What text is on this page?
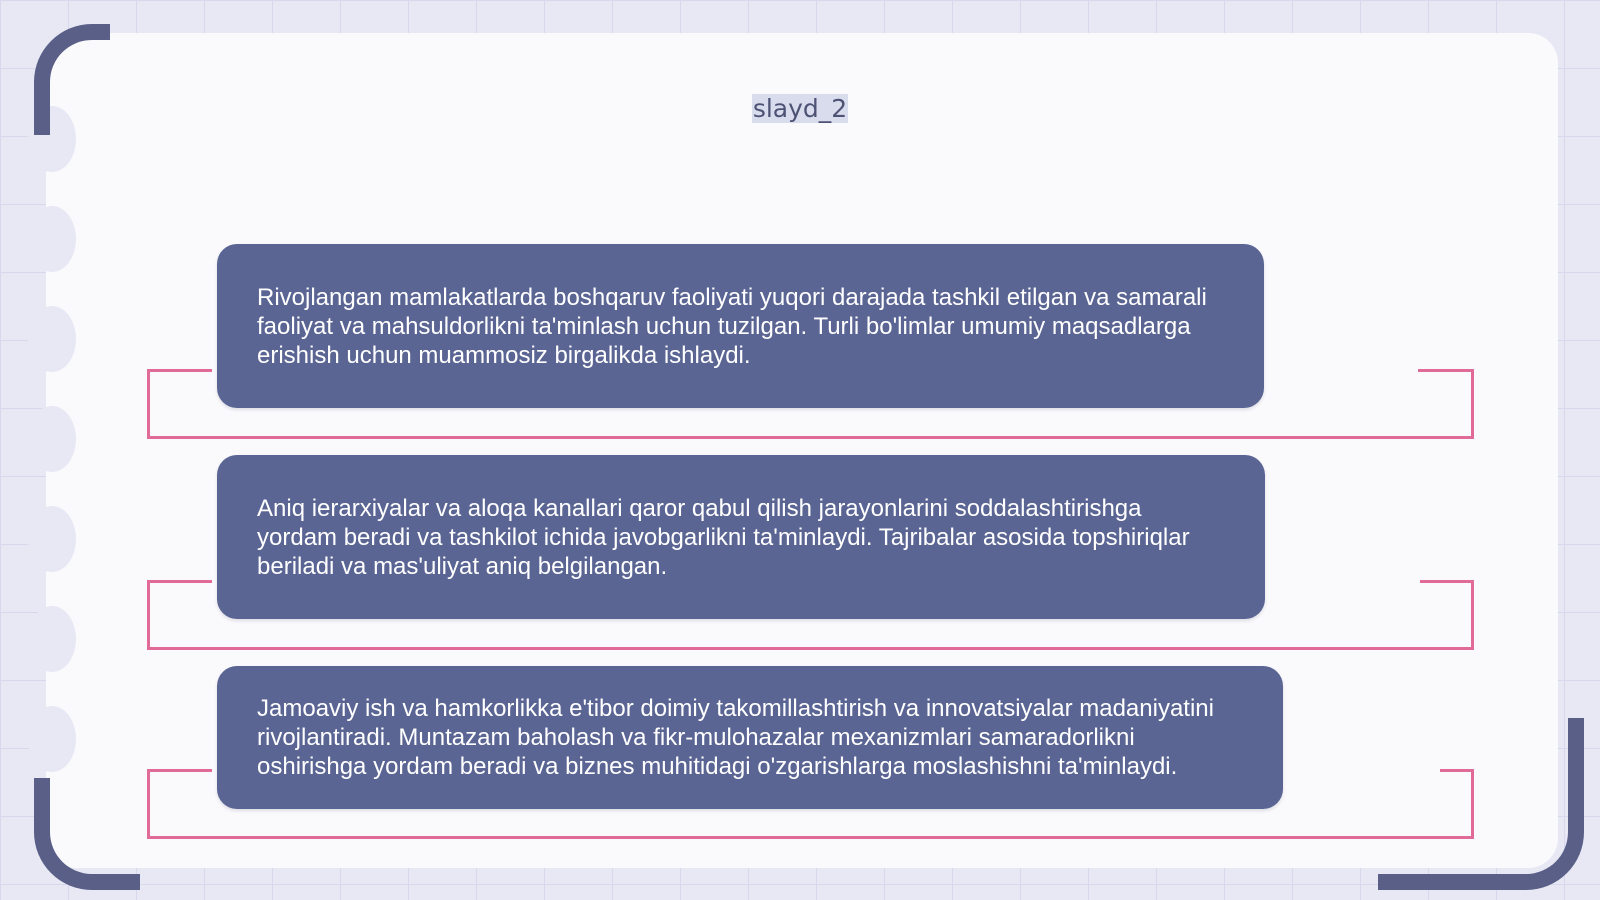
slayd_2
Rivojlangan mamlakatlarda boshqaruv faoliyati yuqori darajada tashkil etilgan va samarali faoliyat va mahsuldorlikni ta'minlash uchun tuzilgan. Turli bo'limlar umumiy maqsadlarga erishish uchun muammosiz birgalikda ishlaydi.
Aniq ierarxiyalar va aloqa kanallari qaror qabul qilish jarayonlarini soddalashtirishga yordam beradi va tashkilot ichida javobgarlikni ta'minlaydi. Tajribalar asosida topshiriqlar beriladi va mas'uliyat aniq belgilangan.
Jamoaviy ish va hamkorlikka e'tibor doimiy takomillashtirish va innovatsiyalar madaniyatini rivojlantiradi. Muntazam baholash va fikr-mulohazalar mexanizmlari samaradorlikni oshirishga yordam beradi va biznes muhitidagi o'zgarishlarga moslashishni ta'minlaydi.
